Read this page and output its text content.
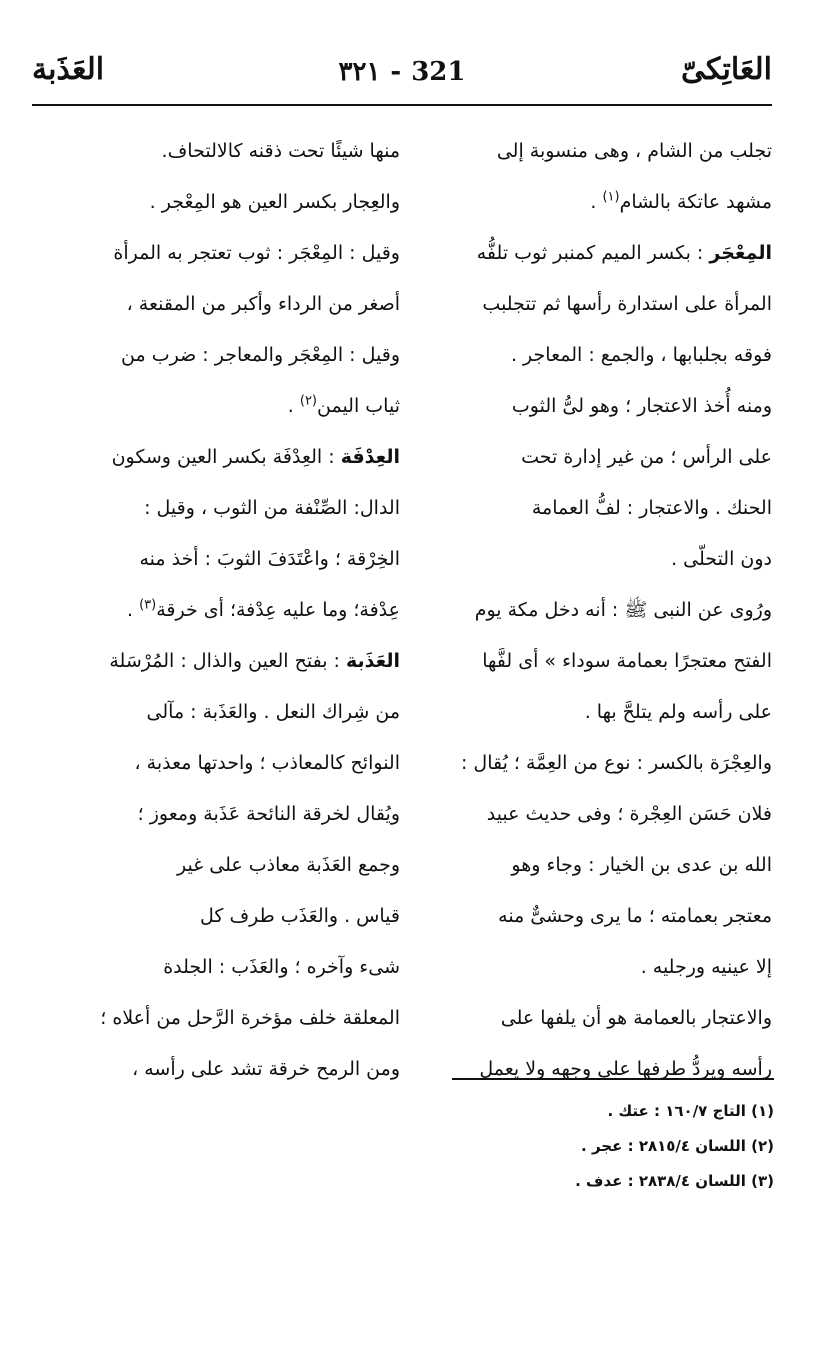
العَاتِكىّ
٣٢١ - 321
العَذَبة
تجلب من الشام ، وهى منسوبة إلى
مشهد عاتكة بالشام$^{(١)}$ .
المِعْجَر : بكسر الميم كمنبر ثوب تلفُّه
المرأة على استدارة رأسها ثم تتجلبب
فوقه بجلبابها ، والجمع : المعاجر .
ومنه أُخذ الاعتجار ؛ وهو لىُّ الثوب
على الرأس ؛ من غير إدارة تحت
الحنك . والاعتجار : لفُّ العمامة
دون التحلّى .
ورُوى عن النبى ﷺ : أنه دخل مكة يوم
الفتح معتجرًا بعمامة سوداء » أى لفَّها
على رأسه ولم يتلحَّ بها .
والعِجْرَة بالكسر : نوع من العِمَّة ؛ يُقال :
فلان حَسَن العِجْرة ؛ وفى حديث عبيد
الله بن عدى بن الخيار : وجاء وهو
معتجر بعمامته ؛ ما يرى وحشىٌّ منه
إلا عينيه ورجليه .
والاعتجار بالعمامة هو أن يلفها على
رأسه ويردُّ طرفها على وجهه ولا يعمل
منها شيئًا تحت ذقنه كالالتحاف.
والعِجار بكسر العين هو المِعْجر .
وقيل : المِعْجَر : ثوب تعتجر به المرأة
أصغر من الرداء وأكبر من المقنعة ،
وقيل : المِعْجَر والمعاجر : ضرب من
ثياب اليمن$^{(٢)}$ .
العِدْفَة : العِدْفَة بكسر العين وسكون
الدال: الصِّنْفة من الثوب ، وقيل :
الخِرْقة ؛ واعْتَدَفَ الثوبَ : أخذ منه
عِدْفة؛ وما عليه عِدْفة؛ أى خرقة$^{(٣)}$ .
العَذَبة : بفتح العين والذال : المُرْسَلة
من شِراك النعل . والعَذَبة : مآلى
النوائح كالمعاذب ؛ واحدتها معذبة ،
ويُقال لخرقة النائحة عَذَبة ومعوز ؛
وجمع العَذَبة معاذب على غير
قياس . والعَذَب طرف كل
شىء وآخره ؛ والعَذَب : الجلدة
المعلقة خلف مؤخرة الرَّحل من أعلاه ؛
ومن الرمح خرقة تشد على رأسه ،
(١) التاج ١٦٠/٧ : عتك .
(٢) اللسان ٢٨١٥/٤ : عجر .
(٣) اللسان ٢٨٣٨/٤ : عدف .
